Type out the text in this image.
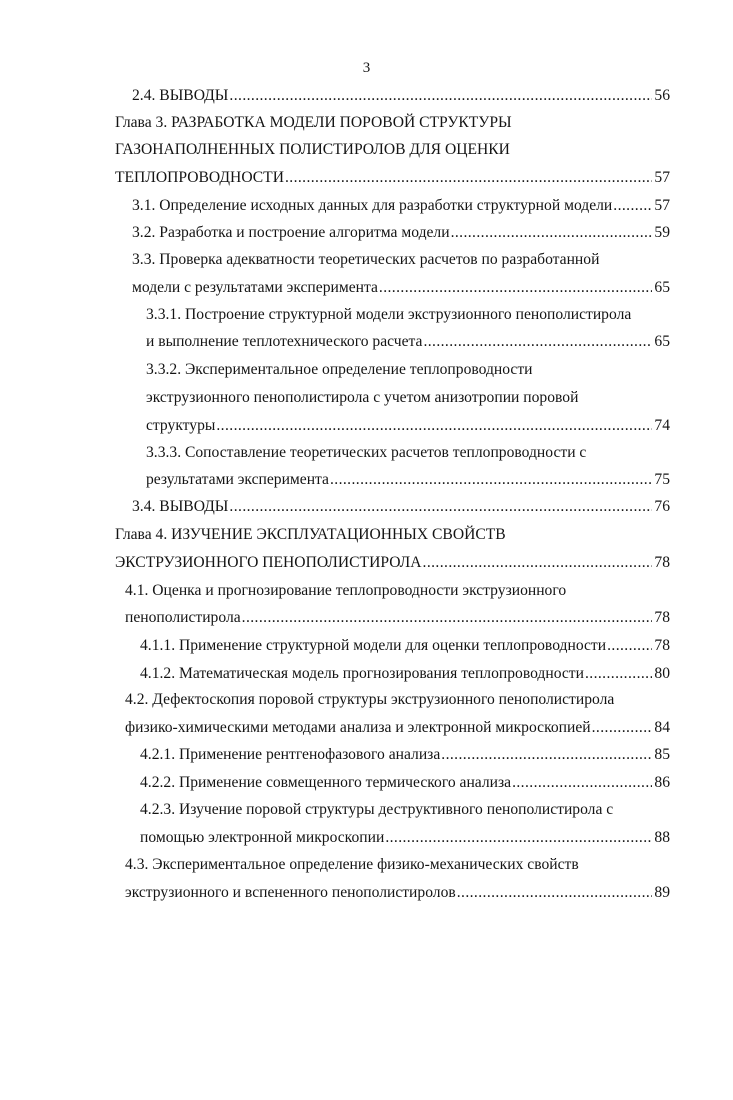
3
2.4. ВЫВОДЫ .....	56
Глава 3. РАЗРАБОТКА МОДЕЛИ ПОРОВОЙ СТРУКТУРЫ
ГАЗОНАПОЛНЕННЫХ ПОЛИСТИРОЛОВ ДЛЯ ОЦЕНКИ
ТЕПЛОПРОВОДНОСТИ .....	57
3.1. Определение исходных данных для разработки структурной модели .....	57
3.2. Разработка и построение алгоритма модели .....	59
3.3. Проверка адекватности теоретических расчетов по разработанной
модели с результатами эксперимента .....	65
3.3.1. Построение структурной модели экструзионного пенополистирола
и выполнение теплотехнического расчета .....	65
3.3.2. Экспериментальное определение теплопроводности
экструзионного пенополистирола с учетом анизотропии поровой
структуры .....	74
3.3.3. Сопоставление теоретических расчетов теплопроводности с
результатами эксперимента .....	75
3.4. ВЫВОДЫ .....	76
Глава 4. ИЗУЧЕНИЕ ЭКСПЛУАТАЦИОННЫХ СВОЙСТВ
ЭКСТРУЗИОННОГО ПЕНОПОЛИСТИРОЛА .....	78
4.1. Оценка и прогнозирование теплопроводности экструзионного
пенополистирола .....	78
4.1.1. Применение структурной модели для оценки теплопроводности .....	78
4.1.2. Математическая модель прогнозирования теплопроводности .....	80
4.2. Дефектоскопия поровой структуры экструзионного пенополистирола
физико-химическими методами анализа и электронной микроскопией .....	84
4.2.1. Применение рентгенофазового анализа .....	85
4.2.2. Применение совмещенного термического анализа .....	86
4.2.3. Изучение поровой структуры деструктивного пенополистирола с
помощью электронной микроскопии .....	88
4.3. Экспериментальное определение физико-механических свойств
экструзионного и вспененного пенополистиролов .....	89
